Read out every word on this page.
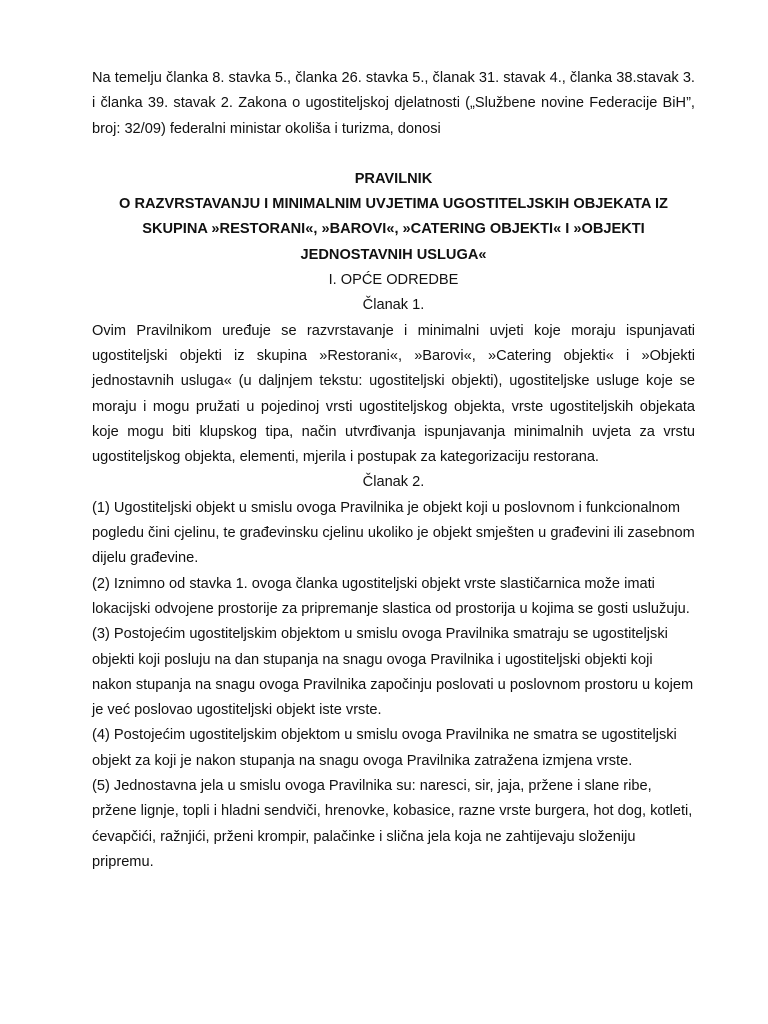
Na temelju članka 8. stavka 5., članka 26. stavka 5., članak 31. stavak 4., članka 38.stavak 3. i članka 39. stavak 2. Zakona o ugostiteljskoj djelatnosti („Službene novine Federacije BiH”, broj: 32/09) federalni ministar okoliša i turizma, donosi

PRAVILNIK

O RAZVRSTAVANJU I MINIMALNIM UVJETIMA UGOSTITELJSKIH OBJEKATA IZ SKUPINA »RESTORANI«, »BAROVI«, »CATERING OBJEKTI« I »OBJEKTI JEDNOSTAVNIH USLUGA«

I. OPĆE ODREDBE

Članak 1.

Ovim Pravilnikom uređuje se razvrstavanje i minimalni uvjeti koje moraju ispunjavati ugostiteljski objekti iz skupina »Restorani«, »Barovi«, »Catering objekti« i »Objekti jednostavnih usluga« (u daljnjem tekstu: ugostiteljski objekti), ugostiteljske usluge koje se moraju i mogu pružati u pojedinoj vrsti ugostiteljskog objekta, vrste ugostiteljskih objekata koje mogu biti klupskog tipa, način utvrđivanja ispunjavanja minimalnih uvjeta za vrstu ugostiteljskog objekta, elementi, mjerila i postupak za kategorizaciju restorana.

Članak 2.

(1) Ugostiteljski objekt u smislu ovoga Pravilnika je objekt koji u poslovnom i funkcionalnom pogledu čini cjelinu, te građevinsku cjelinu ukoliko je objekt smješten u građevini ili zasebnom dijelu građevine.

(2) Iznimno od stavka 1. ovoga članka ugostiteljski objekt vrste slastičarnica može imati lokacijski odvojene prostorije za pripremanje slastica od prostorija u kojima se gosti uslužuju.

(3) Postojećim ugostiteljskim objektom u smislu ovoga Pravilnika smatraju se ugostiteljski objekti koji posluju na dan stupanja na snagu ovoga Pravilnika i ugostiteljski objekti koji nakon stupanja na snagu ovoga Pravilnika započinju poslovati u poslovnom prostoru u kojem je već poslovao ugostiteljski objekt iste vrste.

(4) Postojećim ugostiteljskim objektom u smislu ovoga Pravilnika ne smatra se ugostiteljski objekt za koji je nakon stupanja na snagu ovoga Pravilnika zatražena izmjena vrste.

(5) Jednostavna jela u smislu ovoga Pravilnika su: naresci, sir, jaja, pržene i slane ribe, pržene lignje, topli i hladni sendviči, hrenovke, kobasice, razne vrste burgera, hot dog, kotleti, ćevapčići, ražnjići, prženi krompir, palačinke i slična jela koja ne zahtijevaju složeniju pripremu.
